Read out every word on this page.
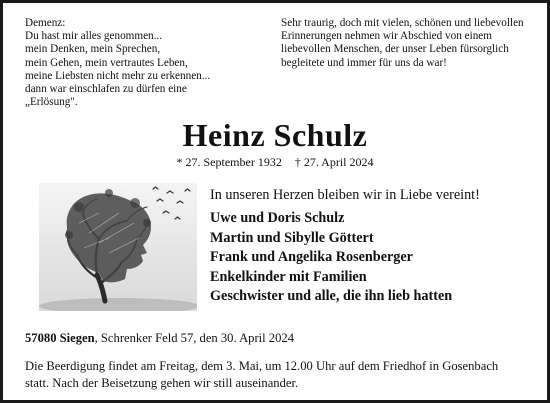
Demenz:
Du hast mir alles genommen...
mein Denken, mein Sprechen,
mein Gehen, mein vertrautes Leben,
meine Liebsten nicht mehr zu erkennen...
dann war einschlafen zu dürfen eine
„Erlösung".
Sehr traurig, doch mit vielen, schönen und liebevollen
Erinnerungen nehmen wir Abschied von einem
liebevollen Menschen, der unser Leben fürsorglich
begleitete und immer für uns da war!
Heinz Schulz
* 27. September 1932 † 27. April 2024
In unseren Herzen bleiben wir in Liebe vereint!
Uwe und Doris Schulz
Martin und Sibylle Göttert
Frank und Angelika Rosenberger
Enkelkinder mit Familien
Geschwister und alle, die ihn lieb hatten
57080 Siegen, Schrenker Feld 57, den 30. April 2024
Die Beerdigung findet am Freitag, dem 3. Mai, um 12.00 Uhr auf dem Friedhof in Gosenbach
statt. Nach der Beisetzung gehen wir still auseinander.
